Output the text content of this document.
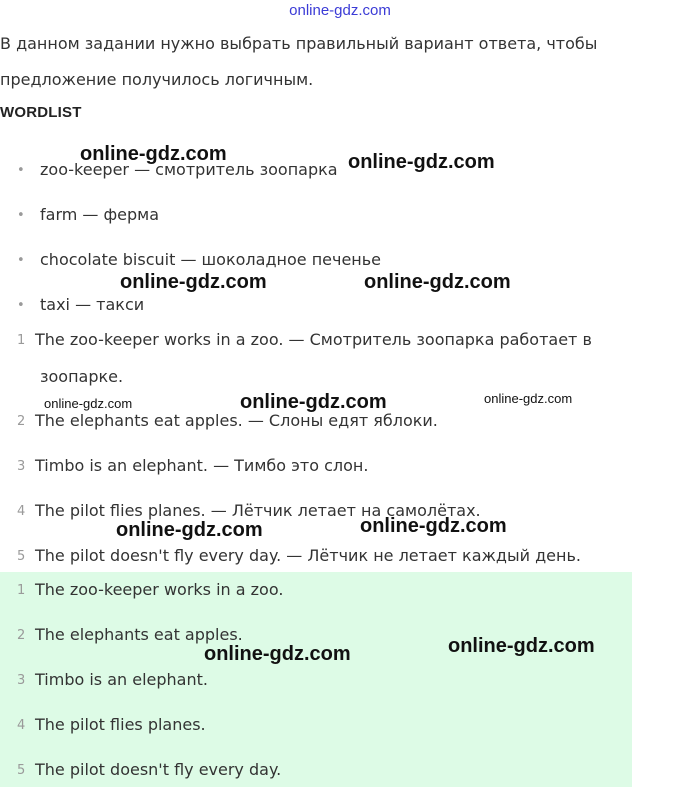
online-gdz.com
В данном задании нужно выбрать правильный вариант ответа, чтобы
предложение получилось логичным.
WORDLIST
• zoo-keeper — смотритель зоопарка
• farm — ферма
• chocolate biscuit — шоколадное печенье
• taxi — такси
1 The zoo-keeper works in a zoo. — Смотритель зоопарка работает в
зоопарке.
2 The elephants eat apples. — Слоны едят яблоки.
3 Timbo is an elephant. — Тимбо это слон.
4 The pilot flies planes. — Лётчик летает на самолётах.
5 The pilot doesn't fly every day. — Лётчик не летает каждый день.
1 The zoo-keeper works in a zoo.
2 The elephants eat apples.
3 Timbo is an elephant.
4 The pilot flies planes.
5 The pilot doesn't fly every day.
online-gdz.com	online-gdz.com
online-gdz.com	online-gdz.com
online-gdz.com	online-gdz.com	online-gdz.com
online-gdz.com	online-gdz.com
online-gdz.com	online-gdz.com
